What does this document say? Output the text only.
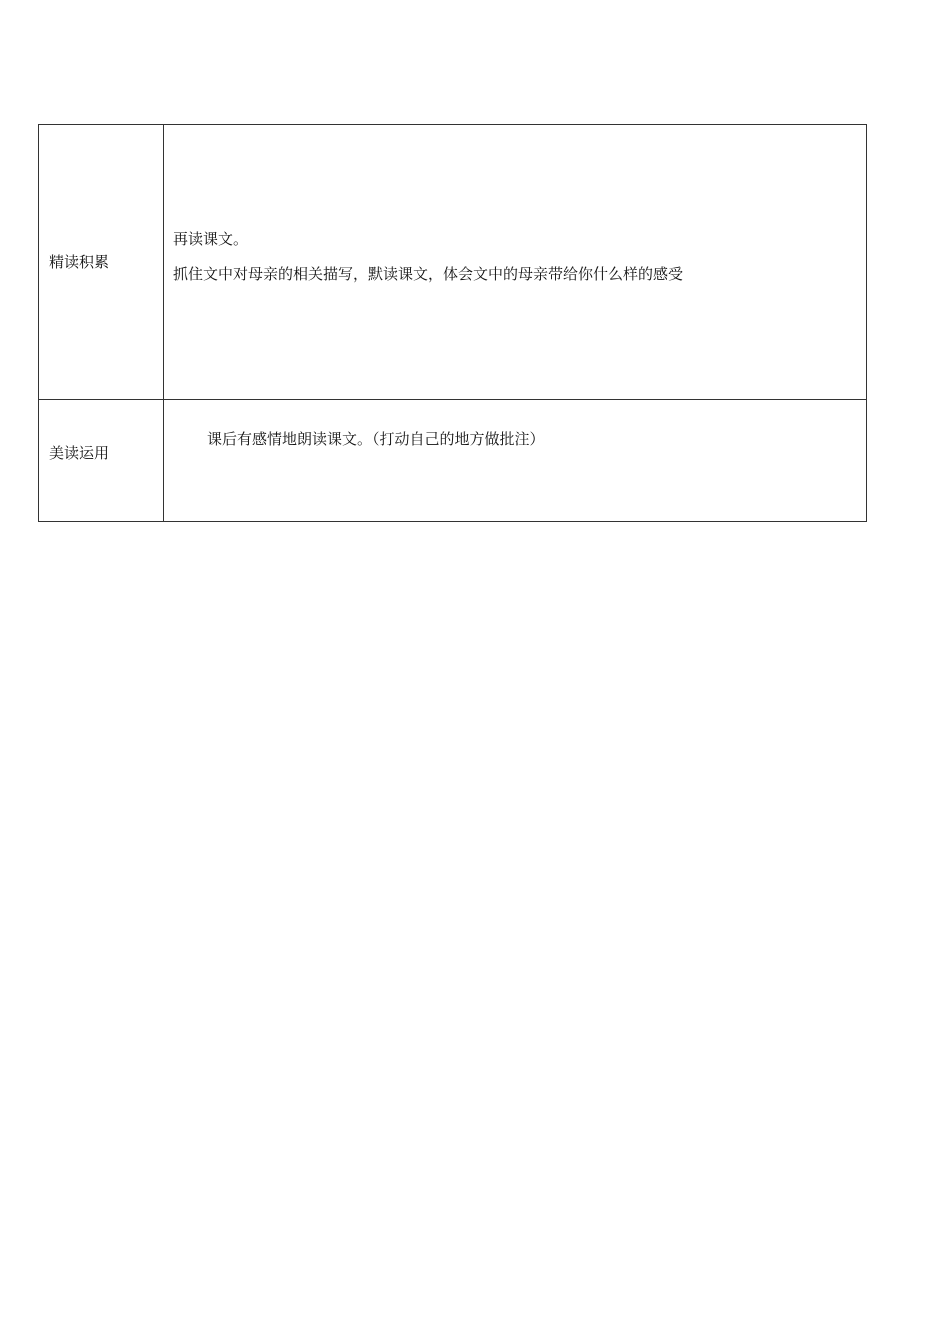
精读积累	再读课文。
抓住文中对母亲的相关描写，默读课文，体会文中的母亲带给你什么样的感受

美读运用	课后有感情地朗读课文。（打动自己的地方做批注）
